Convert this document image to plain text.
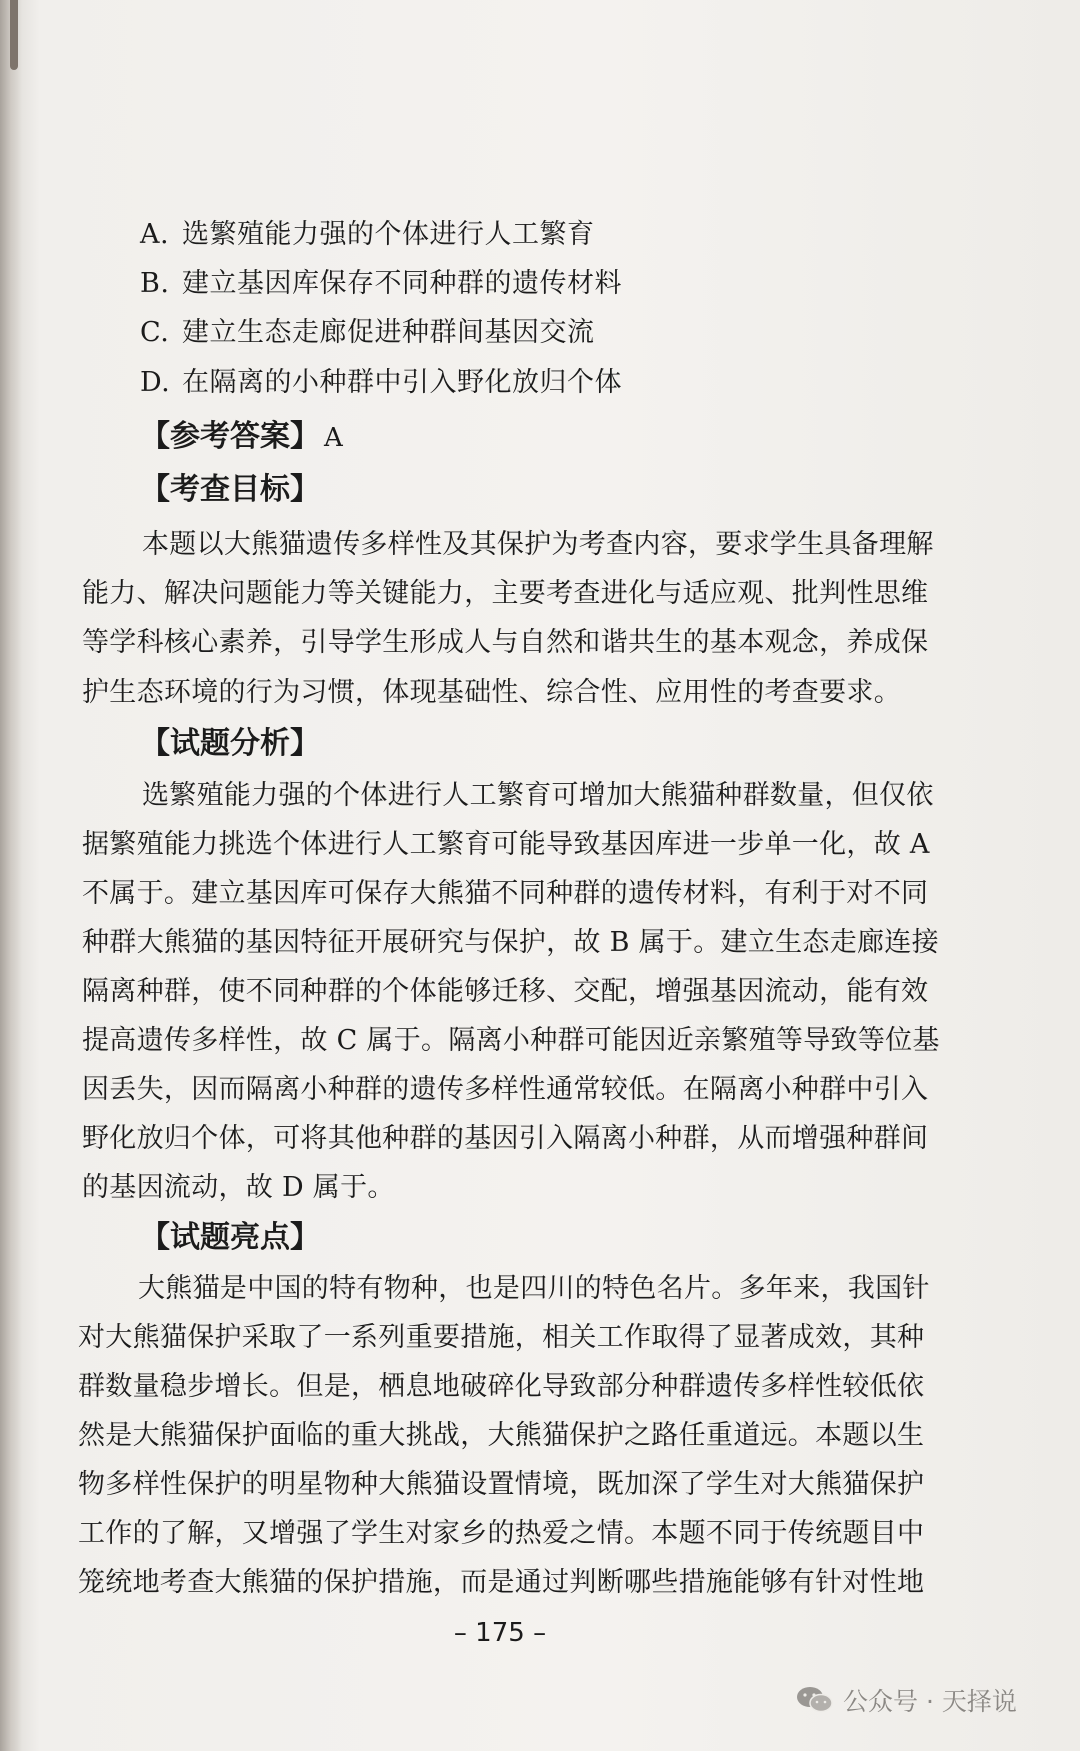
A. 选繁殖能力强的个体进行人工繁育
B. 建立基因库保存不同种群的遗传材料
C. 建立生态走廊促进种群间基因交流
D. 在隔离的小种群中引入野化放归个体
【参考答案】 A
【考查目标】
本题以大熊猫遗传多样性及其保护为考查内容，要求学生具备理解
能力、解决问题能力等关键能力，主要考查进化与适应观、批判性思维
等学科核心素养，引导学生形成人与自然和谐共生的基本观念，养成保
护生态环境的行为习惯，体现基础性、综合性、应用性的考查要求。
【试题分析】
选繁殖能力强的个体进行人工繁育可增加大熊猫种群数量，但仅依
据繁殖能力挑选个体进行人工繁育可能导致基因库进一步单一化，故 A
不属于。建立基因库可保存大熊猫不同种群的遗传材料，有利于对不同
种群大熊猫的基因特征开展研究与保护，故 B 属于。建立生态走廊连接
隔离种群，使不同种群的个体能够迁移、交配，增强基因流动，能有效
提高遗传多样性，故 C 属于。隔离小种群可能因近亲繁殖等导致等位基
因丢失，因而隔离小种群的遗传多样性通常较低。在隔离小种群中引入
野化放归个体，可将其他种群的基因引入隔离小种群，从而增强种群间
的基因流动，故 D 属于。
【试题亮点】
大熊猫是中国的特有物种，也是四川的特色名片。多年来，我国针
对大熊猫保护采取了一系列重要措施，相关工作取得了显著成效，其种
群数量稳步增长。但是，栖息地破碎化导致部分种群遗传多样性较低依
然是大熊猫保护面临的重大挑战，大熊猫保护之路任重道远。本题以生
物多样性保护的明星物种大熊猫设置情境，既加深了学生对大熊猫保护
工作的了解，又增强了学生对家乡的热爱之情。本题不同于传统题目中
笼统地考查大熊猫的保护措施，而是通过判断哪些措施能够有针对性地
– 175 –
公众号 · 天择说
